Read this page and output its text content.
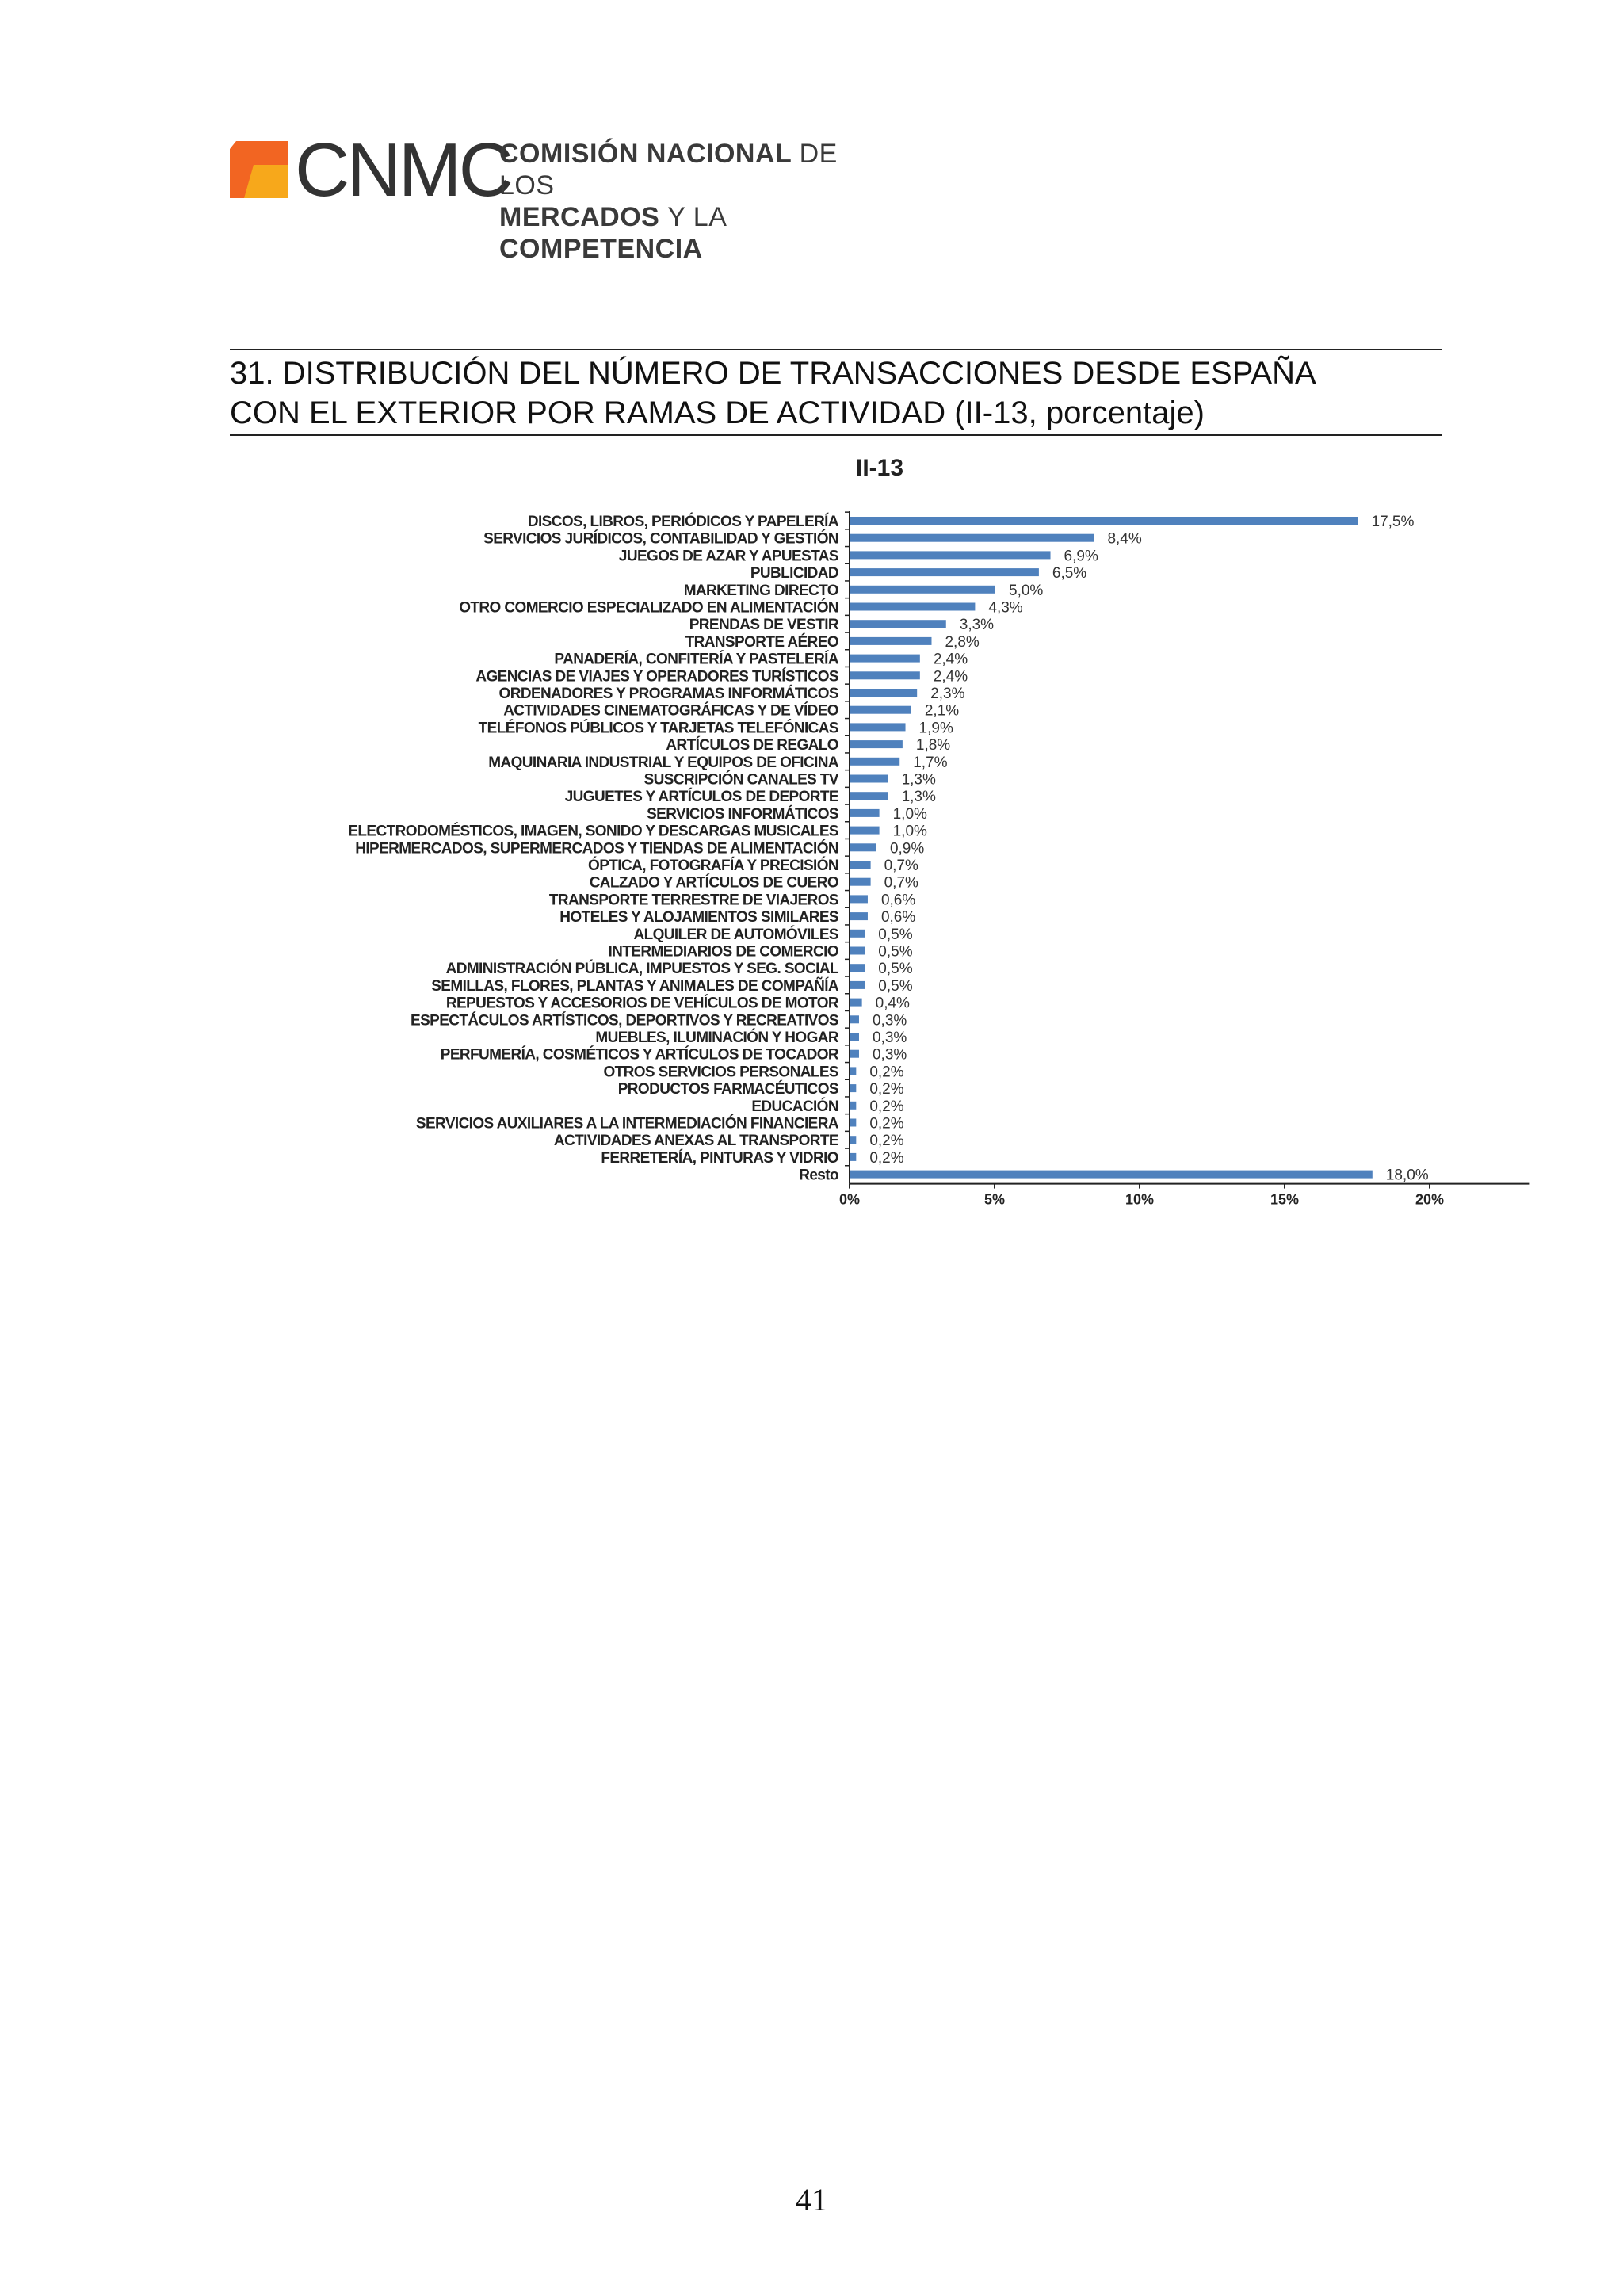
CNMC
COMISIÓN NACIONAL DE LOS
MERCADOS Y LA COMPETENCIA
31. DISTRIBUCIÓN DEL NÚMERO DE TRANSACCIONES DESDE ESPAÑA
CON EL EXTERIOR POR RAMAS DE ACTIVIDAD (II-13, porcentaje)
II-13
0%	5%	10%	15%	20%
DISCOS, LIBROS, PERIÓDICOS Y PAPELERÍA	17,5%
SERVICIOS JURÍDICOS, CONTABILIDAD Y GESTIÓN	8,4%
JUEGOS DE AZAR Y APUESTAS	6,9%
PUBLICIDAD	6,5%
MARKETING DIRECTO	5,0%
OTRO COMERCIO ESPECIALIZADO EN ALIMENTACIÓN	4,3%
PRENDAS DE VESTIR	3,3%
TRANSPORTE AÉREO	2,8%
PANADERÍA, CONFITERÍA Y PASTELERÍA	2,4%
AGENCIAS DE VIAJES Y OPERADORES TURÍSTICOS	2,4%
ORDENADORES Y PROGRAMAS INFORMÁTICOS	2,3%
ACTIVIDADES CINEMATOGRÁFICAS Y DE VÍDEO	2,1%
TELÉFONOS PÚBLICOS Y TARJETAS TELEFÓNICAS	1,9%
ARTÍCULOS DE REGALO	1,8%
MAQUINARIA INDUSTRIAL Y EQUIPOS DE OFICINA	1,7%
SUSCRIPCIÓN CANALES TV	1,3%
JUGUETES Y ARTÍCULOS DE DEPORTE	1,3%
SERVICIOS INFORMÁTICOS	1,0%
ELECTRODOMÉSTICOS, IMAGEN, SONIDO Y DESCARGAS MUSICALES	1,0%
HIPERMERCADOS, SUPERMERCADOS Y TIENDAS DE ALIMENTACIÓN	0,9%
ÓPTICA, FOTOGRAFÍA Y PRECISIÓN	0,7%
CALZADO Y ARTÍCULOS DE CUERO	0,7%
TRANSPORTE TERRESTRE DE VIAJEROS	0,6%
HOTELES Y ALOJAMIENTOS SIMILARES	0,6%
ALQUILER DE AUTOMÓVILES	0,5%
INTERMEDIARIOS DE COMERCIO	0,5%
ADMINISTRACIÓN PÚBLICA, IMPUESTOS Y SEG. SOCIAL	0,5%
SEMILLAS, FLORES, PLANTAS Y ANIMALES DE COMPAÑÍA	0,5%
REPUESTOS Y ACCESORIOS DE VEHÍCULOS DE MOTOR 0,4%
ESPECTÁCULOS ARTÍSTICOS, DEPORTIVOS Y RECREATIVOS 0,3%
MUEBLES, ILUMINACIÓN Y HOGAR 0,3%
PERFUMERÍA, COSMÉTICOS Y ARTÍCULOS DE TOCADOR 0,3%
OTROS SERVICIOS PERSONALES 0,2%
PRODUCTOS FARMACÉUTICOS 0,2%
EDUCACIÓN 0,2%
SERVICIOS AUXILIARES A LA INTERMEDIACIÓN FINANCIERA 0,2%
ACTIVIDADES ANEXAS AL TRANSPORTE 0,2%
FERRETERÍA, PINTURAS Y VIDRIO 0,2%
Resto	18,0%
41
